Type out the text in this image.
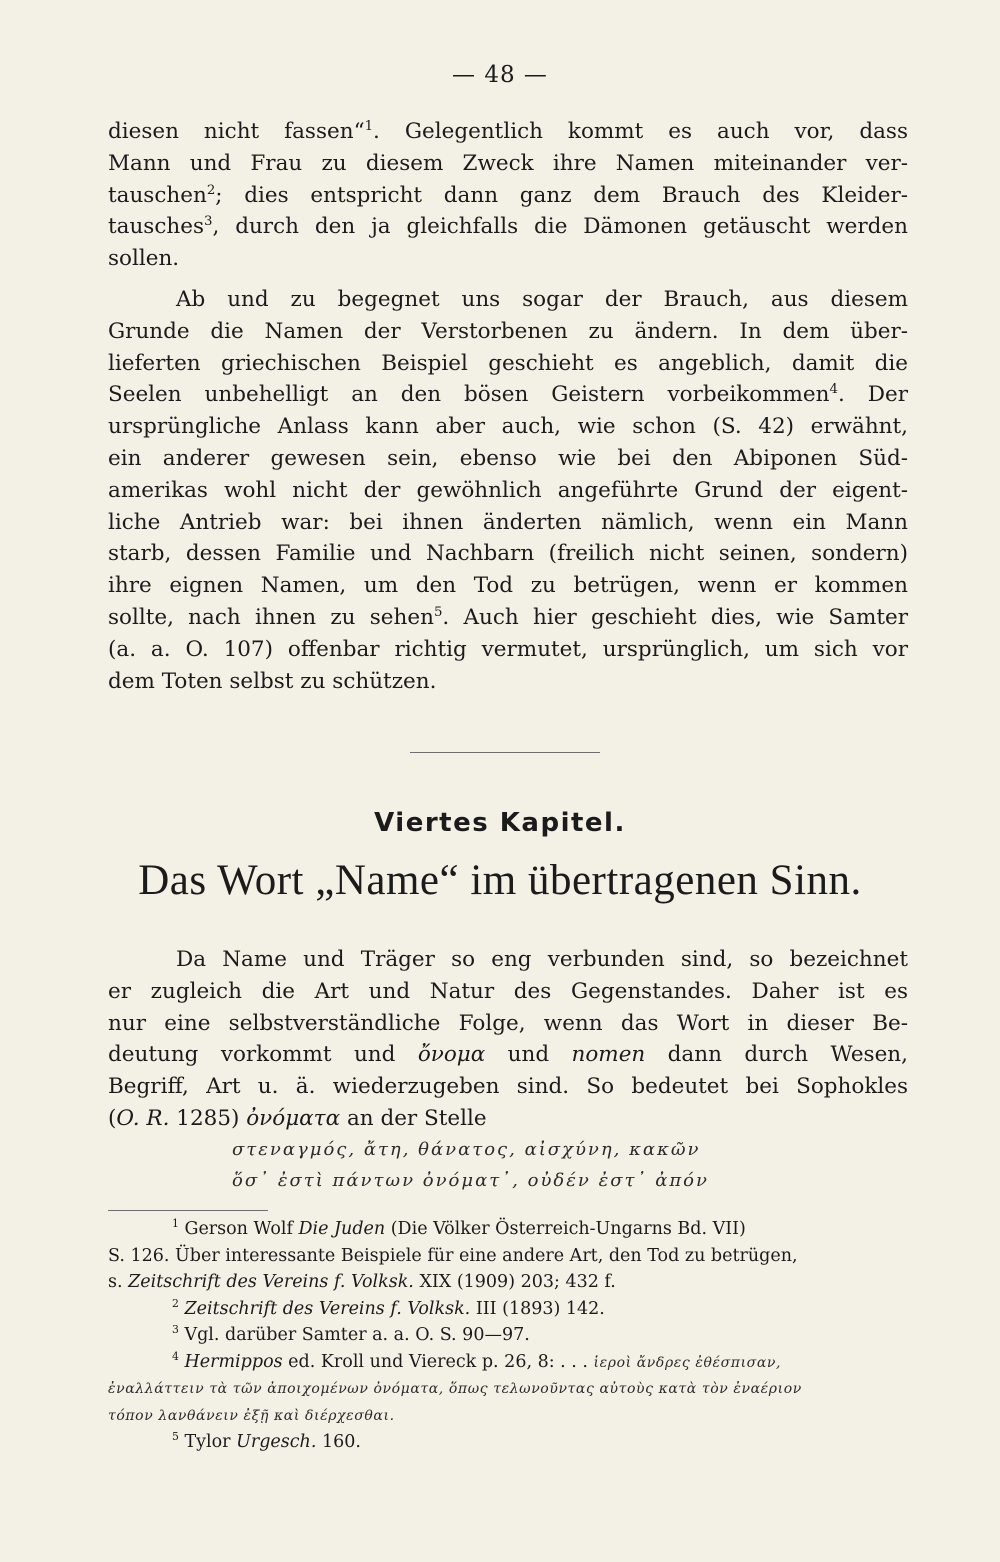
— 48 —
diesen nicht fassen“$^1$. Gelegentlich kommt es auch vor, dass
Mann und Frau zu diesem Zweck ihre Namen miteinander ver-
tauschen$^2$; dies entspricht dann ganz dem Brauch des Kleider-
tausches$^3$, durch den ja gleichfalls die Dämonen getäuscht werden
sollen.
Ab und zu begegnet uns sogar der Brauch, aus diesem
Grunde die Namen der Verstorbenen zu ändern. In dem über-
lieferten griechischen Beispiel geschieht es angeblich, damit die
Seelen unbehelligt an den bösen Geistern vorbeikommen$^4$. Der
ursprüngliche Anlass kann aber auch, wie schon (S. 42) erwähnt,
ein anderer gewesen sein, ebenso wie bei den Abiponen Süd-
amerikas wohl nicht der gewöhnlich angeführte Grund der eigent-
liche Antrieb war: bei ihnen änderten nämlich, wenn ein Mann
starb, dessen Familie und Nachbarn (freilich nicht seinen, sondern)
ihre eignen Namen, um den Tod zu betrügen, wenn er kommen
sollte, nach ihnen zu sehen$^5$. Auch hier geschieht dies, wie Samter
(a. a. O. 107) offenbar richtig vermutet, ursprünglich, um sich vor
dem Toten selbst zu schützen.
Viertes Kapitel.
Das Wort „Name“ im übertragenen Sinn.
Da Name und Träger so eng verbunden sind, so bezeichnet
er zugleich die Art und Natur des Gegenstandes. Daher ist es
nur eine selbstverständliche Folge, wenn das Wort in dieser Be-
deutung vorkommt und ὄνομα und nomen dann durch Wesen,
Begriff, Art u. ä. wiederzugeben sind. So bedeutet bei Sophokles
(O. R. 1285) ὀνόματα an der Stelle
στεναγμός, ἄτη, θάνατος, αἰσχύνη, κακῶν
ὅσ᾽ ἐστὶ πάντων ὀνόματ᾽, οὐδέν ἐστ᾽ ἀπόν
$^1$ Gerson Wolf Die Juden (Die Völker Österreich-Ungarns Bd. VII)
S. 126. Über interessante Beispiele für eine andere Art, den Tod zu betrügen,
s. Zeitschrift des Vereins f. Volksk. XIX (1909) 203; 432 f.
$^2$ Zeitschrift des Vereins f. Volksk. III (1893) 142.
$^3$ Vgl. darüber Samter a. a. O. S. 90—97.
$^4$ Hermippos ed. Kroll und Viereck p. 26, 8: . . . ἱεροὶ ἄνδρες ἐθέσπισαν,
ἐναλλάττειν τὰ τῶν ἀποιχομένων ὀνόματα, ὅπως τελωνοῦντας αὐτοὺς κατὰ τὸν ἐναέριον
τόπον λανθάνειν ἐξῇ καὶ διέρχεσθαι.
$^5$ Tylor Urgesch. 160.
